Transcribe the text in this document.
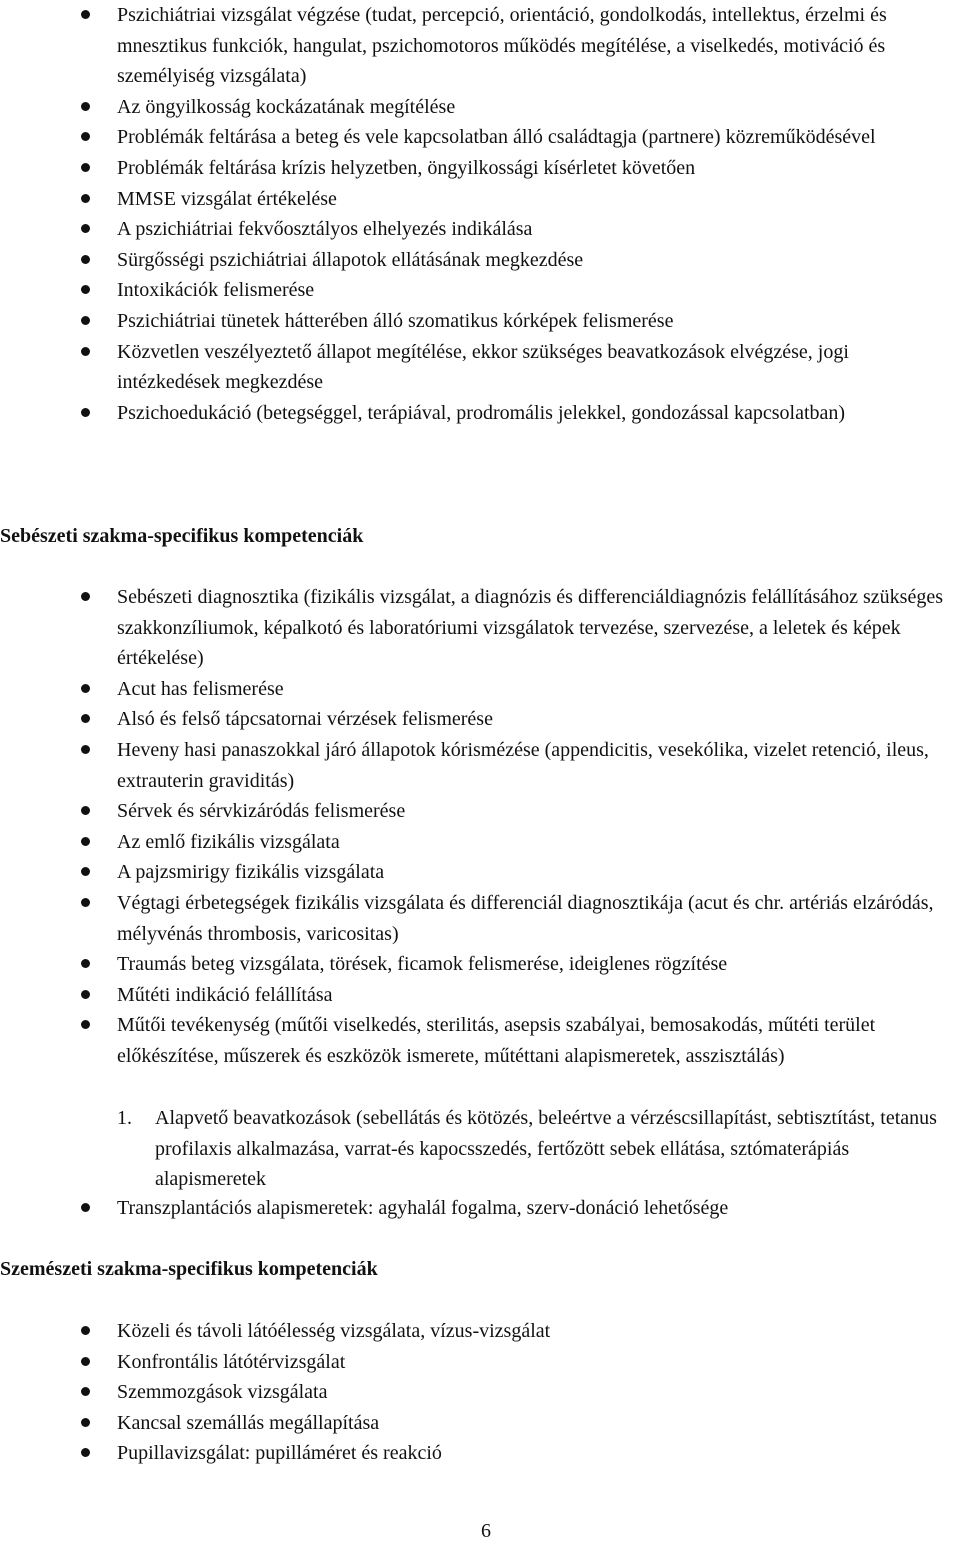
Pszichiátriai vizsgálat végzése (tudat, percepció, orientáció, gondolkodás, intellektus, érzelmi és mnesztikus funkciók, hangulat, pszichomotoros működés megítélése, a viselkedés, motiváció és személyiség vizsgálata)
Az öngyilkosság kockázatának megítélése
Problémák feltárása a beteg és vele kapcsolatban álló családtagja (partnere) közreműködésével
Problémák feltárása krízis helyzetben, öngyilkossági kísérletet követően
MMSE vizsgálat értékelése
A pszichiátriai fekvőosztályos elhelyezés indikálása
Sürgősségi pszichiátriai állapotok ellátásának megkezdése
Intoxikációk felismerése
Pszichiátriai tünetek hátterében álló szomatikus kórképek felismerése
Közvetlen veszélyeztető állapot megítélése, ekkor szükséges beavatkozások elvégzése, jogi intézkedések megkezdése
Pszichoedukáció (betegséggel, terápiával, prodromális jelekkel, gondozással kapcsolatban)
Sebészeti szakma-specifikus kompetenciák
Sebészeti diagnosztika (fizikális vizsgálat, a diagnózis és differenciáldiagnózis felállításához szükséges szakkonzíliumok, képalkotó és laboratóriumi vizsgálatok tervezése, szervezése, a leletek és képek értékelése)
Acut has felismerése
Alsó és felső tápcsatornai vérzések felismerése
Heveny hasi panaszokkal járó állapotok kórismézése (appendicitis, vesekólika, vizelet retenció, ileus, extrauterin graviditás)
Sérvek és sérvkizáródás felismerése
Az emlő fizikális vizsgálata
A pajzsmirigy fizikális vizsgálata
Végtagi érbetegségek fizikális vizsgálata és differenciál diagnosztikája (acut és chr. artériás elzáródás, mélyvénás thrombosis, varicositas)
Traumás beteg vizsgálata, törések, ficamok felismerése, ideiglenes rögzítése
Műtéti indikáció felállítása
Műtői tevékenység (műtői viselkedés, sterilitás, asepsis szabályai, bemosakodás, műtéti terület előkészítése, műszerek és eszközök ismerete, műtéttani alapismeretek, asszisztálás)
1. Alapvető beavatkozások (sebellátás és kötözés, beleértve a vérzéscsillapítást, sebtisztítást, tetanus profilaxis alkalmazása, varrat-és kapocsszedés, fertőzött sebek ellátása, sztómaterápiás alapismeretek
Transzplantációs alapismeretek: agyhalál fogalma, szerv-donáció lehetősége
Szemészeti szakma-specifikus kompetenciák
Közeli és távoli látóélesség vizsgálata, vízus-vizsgálat
Konfrontális látótérvizsgálat
Szemmozgások vizsgálata
Kancsal szemállás megállapítása
Pupillavizsgálat: pupilláméret és reakció
6
